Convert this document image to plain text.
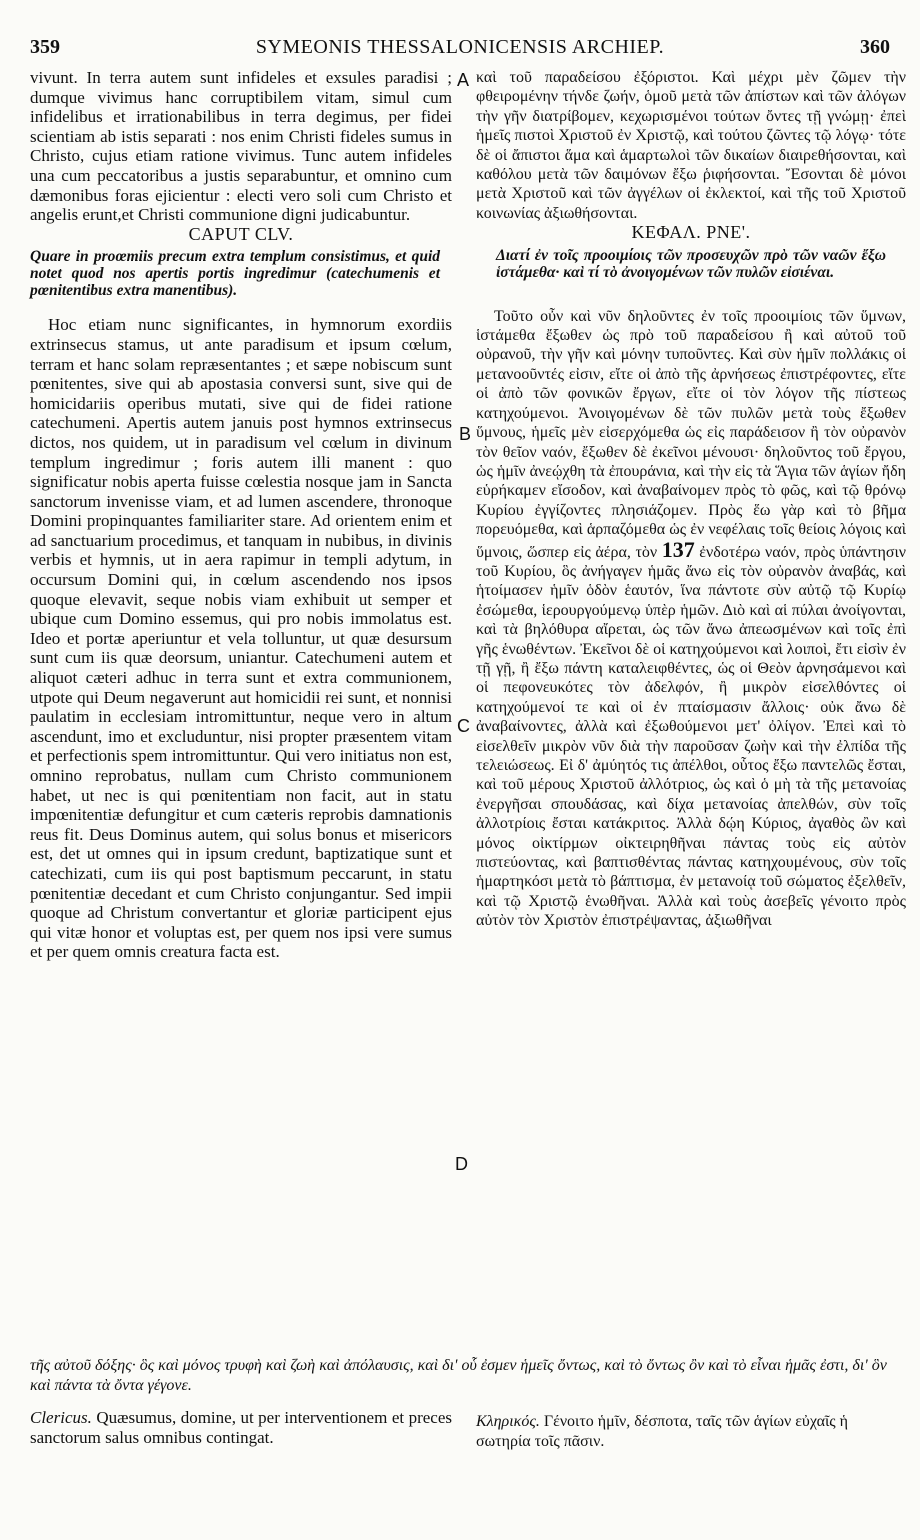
359	SYMEONIS THESSALONICENSIS ARCHIEP.	360
A
B
C
D

vivunt. In terra autem sunt infideles et exsules paradisi ; dumque vivimus hanc corruptibilem vitam, simul cum infidelibus et irrationabilibus in terra degimus, per fidei scientiam ab istis separati : nos enim Christi fideles sumus in Christo, cujus etiam ratione vivimus. Tunc autem infideles una cum peccatoribus a justis separabuntur, et omnino cum dæmonibus foras ejicientur : electi vero soli cum Christo et angelis erunt,et Christi communione digni judicabuntur.

CAPUT CLV.

Quare in proœmiis precum extra templum consistimus, et quid notet quod nos apertis portis ingredimur (catechumenis et pœnitentibus extra manentibus).

Hoc etiam nunc significantes, in hymnorum exordiis extrinsecus stamus, ut ante paradisum et ipsum cœlum, terram et hanc solam repræsentantes ; et sæpe nobiscum sunt pœnitentes, sive qui ab apostasia conversi sunt, sive qui de homicidariis operibus mutati, sive qui de fidei ratione catechumeni. Apertis autem januis post hymnos extrinsecus dictos, nos quidem, ut in paradisum vel cœlum in divinum templum ingredimur ; foris autem illi manent : quo significatur nobis aperta fuisse cœlestia nosque jam in Sancta sanctorum invenisse viam, et ad lumen ascendere, thronoque Domini propinquantes familiariter stare. Ad orientem enim et ad sanctuarium procedimus, et tanquam in nubibus, in divinis verbis et hymnis, ut in aera rapimur in templi adytum, in occursum Domini qui, in cœlum ascendendo nos ipsos quoque elevavit, seque nobis viam exhibuit ut semper et ubique cum Domino essemus, qui pro nobis immolatus est. Ideo et portæ aperiuntur et vela tolluntur, ut quæ desursum sunt cum iis quæ deorsum, uniantur. Catechumeni autem et aliquot cæteri adhuc in terra sunt et extra communionem, utpote qui Deum negaverunt aut homicidii rei sunt, et nonnisi paulatim in ecclesiam intromittuntur, neque vero in altum ascendunt, imo et excluduntur, nisi propter præsentem vitam et perfectionis spem intromittuntur. Qui vero initiatus non est, omnino reprobatus, nullam cum Christo communionem habet, ut nec is qui pœnitentiam non facit, aut in statu impœnitentiæ defungitur et cum cæteris reprobis damnationis reus fit. Deus Dominus autem, qui solus bonus et misericors est, det ut omnes qui in ipsum credunt, baptizatique sunt et catechizati, cum iis qui post baptismum peccarunt, in statu pœnitentiæ decedant et cum Christo conjungantur. Sed impii quoque ad Christum convertantur et gloriæ participent ejus qui vitæ honor et voluptas est, per quem nos ipsi vere sumus et per quem omnis creatura facta est.

καὶ τοῦ παραδείσου ἐξόριστοι. Καὶ μέχρι μὲν ζῶμεν τὴν φθειρομένην τήνδε ζωήν, ὁμοῦ μετὰ τῶν ἀπίστων καὶ τῶν ἀλόγων τὴν γῆν διατρίβομεν, κεχωρισμένοι τούτων ὄντες τῇ γνώμῃ· ἐπεὶ ἡμεῖς πιστοὶ Χριστοῦ ἐν Χριστῷ, καὶ τούτου ζῶντες τῷ λόγῳ· τότε δὲ οἱ ἄπιστοι ἅμα καὶ ἁμαρτωλοὶ τῶν δικαίων διαιρεθήσονται, καὶ καθόλου μετὰ τῶν δαιμόνων ἔξω ῥιφήσονται. Ἔσονται δὲ μόνοι μετὰ Χριστοῦ καὶ τῶν ἀγγέλων οἱ ἐκλεκτοί, καὶ τῆς τοῦ Χριστοῦ κοινωνίας ἀξιωθήσονται.

ΚΕΦΑΛ. ΡΝΕ'.

Διατί ἐν τοῖς προοιμίοις τῶν προσευχῶν πρὸ τῶν ναῶν ἔξω ἱστάμεθα· καὶ τί τὸ ἀνοιγομένων τῶν πυλῶν εἰσιέναι.

Τοῦτο οὖν καὶ νῦν δηλοῦντες ἐν τοῖς προοιμίοις τῶν ὕμνων, ἱστάμεθα ἔξωθεν ὡς πρὸ τοῦ παραδείσου ἢ καὶ αὐτοῦ τοῦ οὐρανοῦ, τὴν γῆν καὶ μόνην τυποῦντες. Καὶ σὺν ἡμῖν πολλάκις οἱ μετανοοῦντές εἰσιν, εἴτε οἱ ἀπὸ τῆς ἀρνήσεως ἐπιστρέφοντες, εἴτε οἱ ἀπὸ τῶν φονικῶν ἔργων, εἴτε οἱ τὸν λόγον τῆς πίστεως κατηχούμενοι. Ἀνοιγομένων δὲ τῶν πυλῶν μετὰ τοὺς ἔξωθεν ὕμνους, ἡμεῖς μὲν εἰσερχόμεθα ὡς εἰς παράδεισον ἢ τὸν οὐρανὸν τὸν θεῖον ναόν, ἔξωθεν δὲ ἐκεῖνοι μένουσι· δηλοῦντος τοῦ ἔργου, ὡς ἡμῖν ἀνεῴχθη τὰ ἐπουράνια, καὶ τὴν εἰς τὰ Ἅγια τῶν ἁγίων ἤδη εὑρήκαμεν εἴσοδον, καὶ ἀναβαίνομεν πρὸς τὸ φῶς, καὶ τῷ θρόνῳ Κυρίου ἐγγίζοντες πλησιάζομεν. Πρὸς ἕω γὰρ καὶ τὸ βῆμα πορευόμεθα, καὶ ἁρπαζόμεθα ὡς ἐν νεφέλαις τοῖς θείοις λόγοις καὶ ὕμνοις, ὥσπερ εἰς ἀέρα, τὸν 137 ἐνδοτέρω ναόν, πρὸς ὑπάντησιν τοῦ Κυρίου, ὃς ἀνήγαγεν ἡμᾶς ἄνω εἰς τὸν οὐρανὸν ἀναβάς, καὶ ἡτοίμασεν ἡμῖν ὁδὸν ἑαυτόν, ἵνα πάντοτε σὺν αὐτῷ τῷ Κυρίῳ ἐσώμεθα, ἱερουργούμενῳ ὑπὲρ ἡμῶν. Διὸ καὶ αἱ πύλαι ἀνοίγονται, καὶ τὰ βηλόθυρα αἴρεται, ὡς τῶν ἄνω ἀπεωσμένων καὶ τοῖς ἐπὶ γῆς ἑνωθέντων. Ἐκεῖνοι δὲ οἱ κατηχούμενοι καὶ λοιποὶ, ἔτι εἰσὶν ἐν τῇ γῇ, ἢ ἔξω πάντη καταλειφθέντες, ὡς οἱ Θεὸν ἀρνησάμενοι καὶ οἱ πεφονευκότες τὸν ἀδελφόν, ἢ μικρὸν εἰσελθόντες οἱ κατηχούμενοί τε καὶ οἱ ἐν πταίσμασιν ἄλλοις· οὐκ ἄνω δὲ ἀναβαίνοντες, ἀλλὰ καὶ ἐξωθούμενοι μετ' ὀλίγον. Ἐπεὶ καὶ τὸ εἰσελθεῖν μικρὸν νῦν διὰ τὴν παροῦσαν ζωὴν καὶ τὴν ἐλπίδα τῆς τελειώσεως. Εἰ δ' ἀμύητός τις ἀπέλθοι, οὗτος ἔξω παντελῶς ἔσται, καὶ τοῦ μέρους Χριστοῦ ἀλλότριος, ὡς καὶ ὁ μὴ τὰ τῆς μετανοίας ἐνεργῆσαι σπουδάσας, καὶ δίχα μετανοίας ἀπελθών, σὺν τοῖς ἀλλοτρίοις ἔσται κατάκριτος. Ἀλλὰ δῴη Κύριος, ἀγαθὸς ὢν καὶ μόνος οἰκτίρμων οἰκτειρηθῆναι πάντας τοὺς εἰς αὐτὸν πιστεύοντας, καὶ βαπτισθέντας πάντας κατηχουμένους, σὺν τοῖς ἡμαρτηκόσι μετὰ τὸ βάπτισμα, ἐν μετανοίᾳ τοῦ σώματος ἐξελθεῖν, καὶ τῷ Χριστῷ ἑνωθῆναι. Ἀλλὰ καὶ τοὺς ἀσεβεῖς γένοιτο πρὸς αὐτὸν τὸν Χριστὸν ἐπιστρέψαντας, ἀξιωθῆναι

τῆς αὐτοῦ δόξης· ὃς καὶ μόνος τρυφὴ καὶ ζωὴ καὶ ἀπόλαυσις, καὶ δι' οὗ ἐσμεν ἡμεῖς ὄντως, καὶ τὸ ὄντως ὂν καὶ τὸ εἶναι ἡμᾶς ἐστι, δι' ὃν καὶ πάντα τὰ ὄντα γέγονε.
Clericus. Quæsumus, domine, ut per interventionem et preces sanctorum salus omnibus contingat.
Κληρικός. Γένοιτο ἡμῖν, δέσποτα, ταῖς τῶν ἁγίων εὐχαῖς ἡ σωτηρία τοῖς πᾶσιν.
